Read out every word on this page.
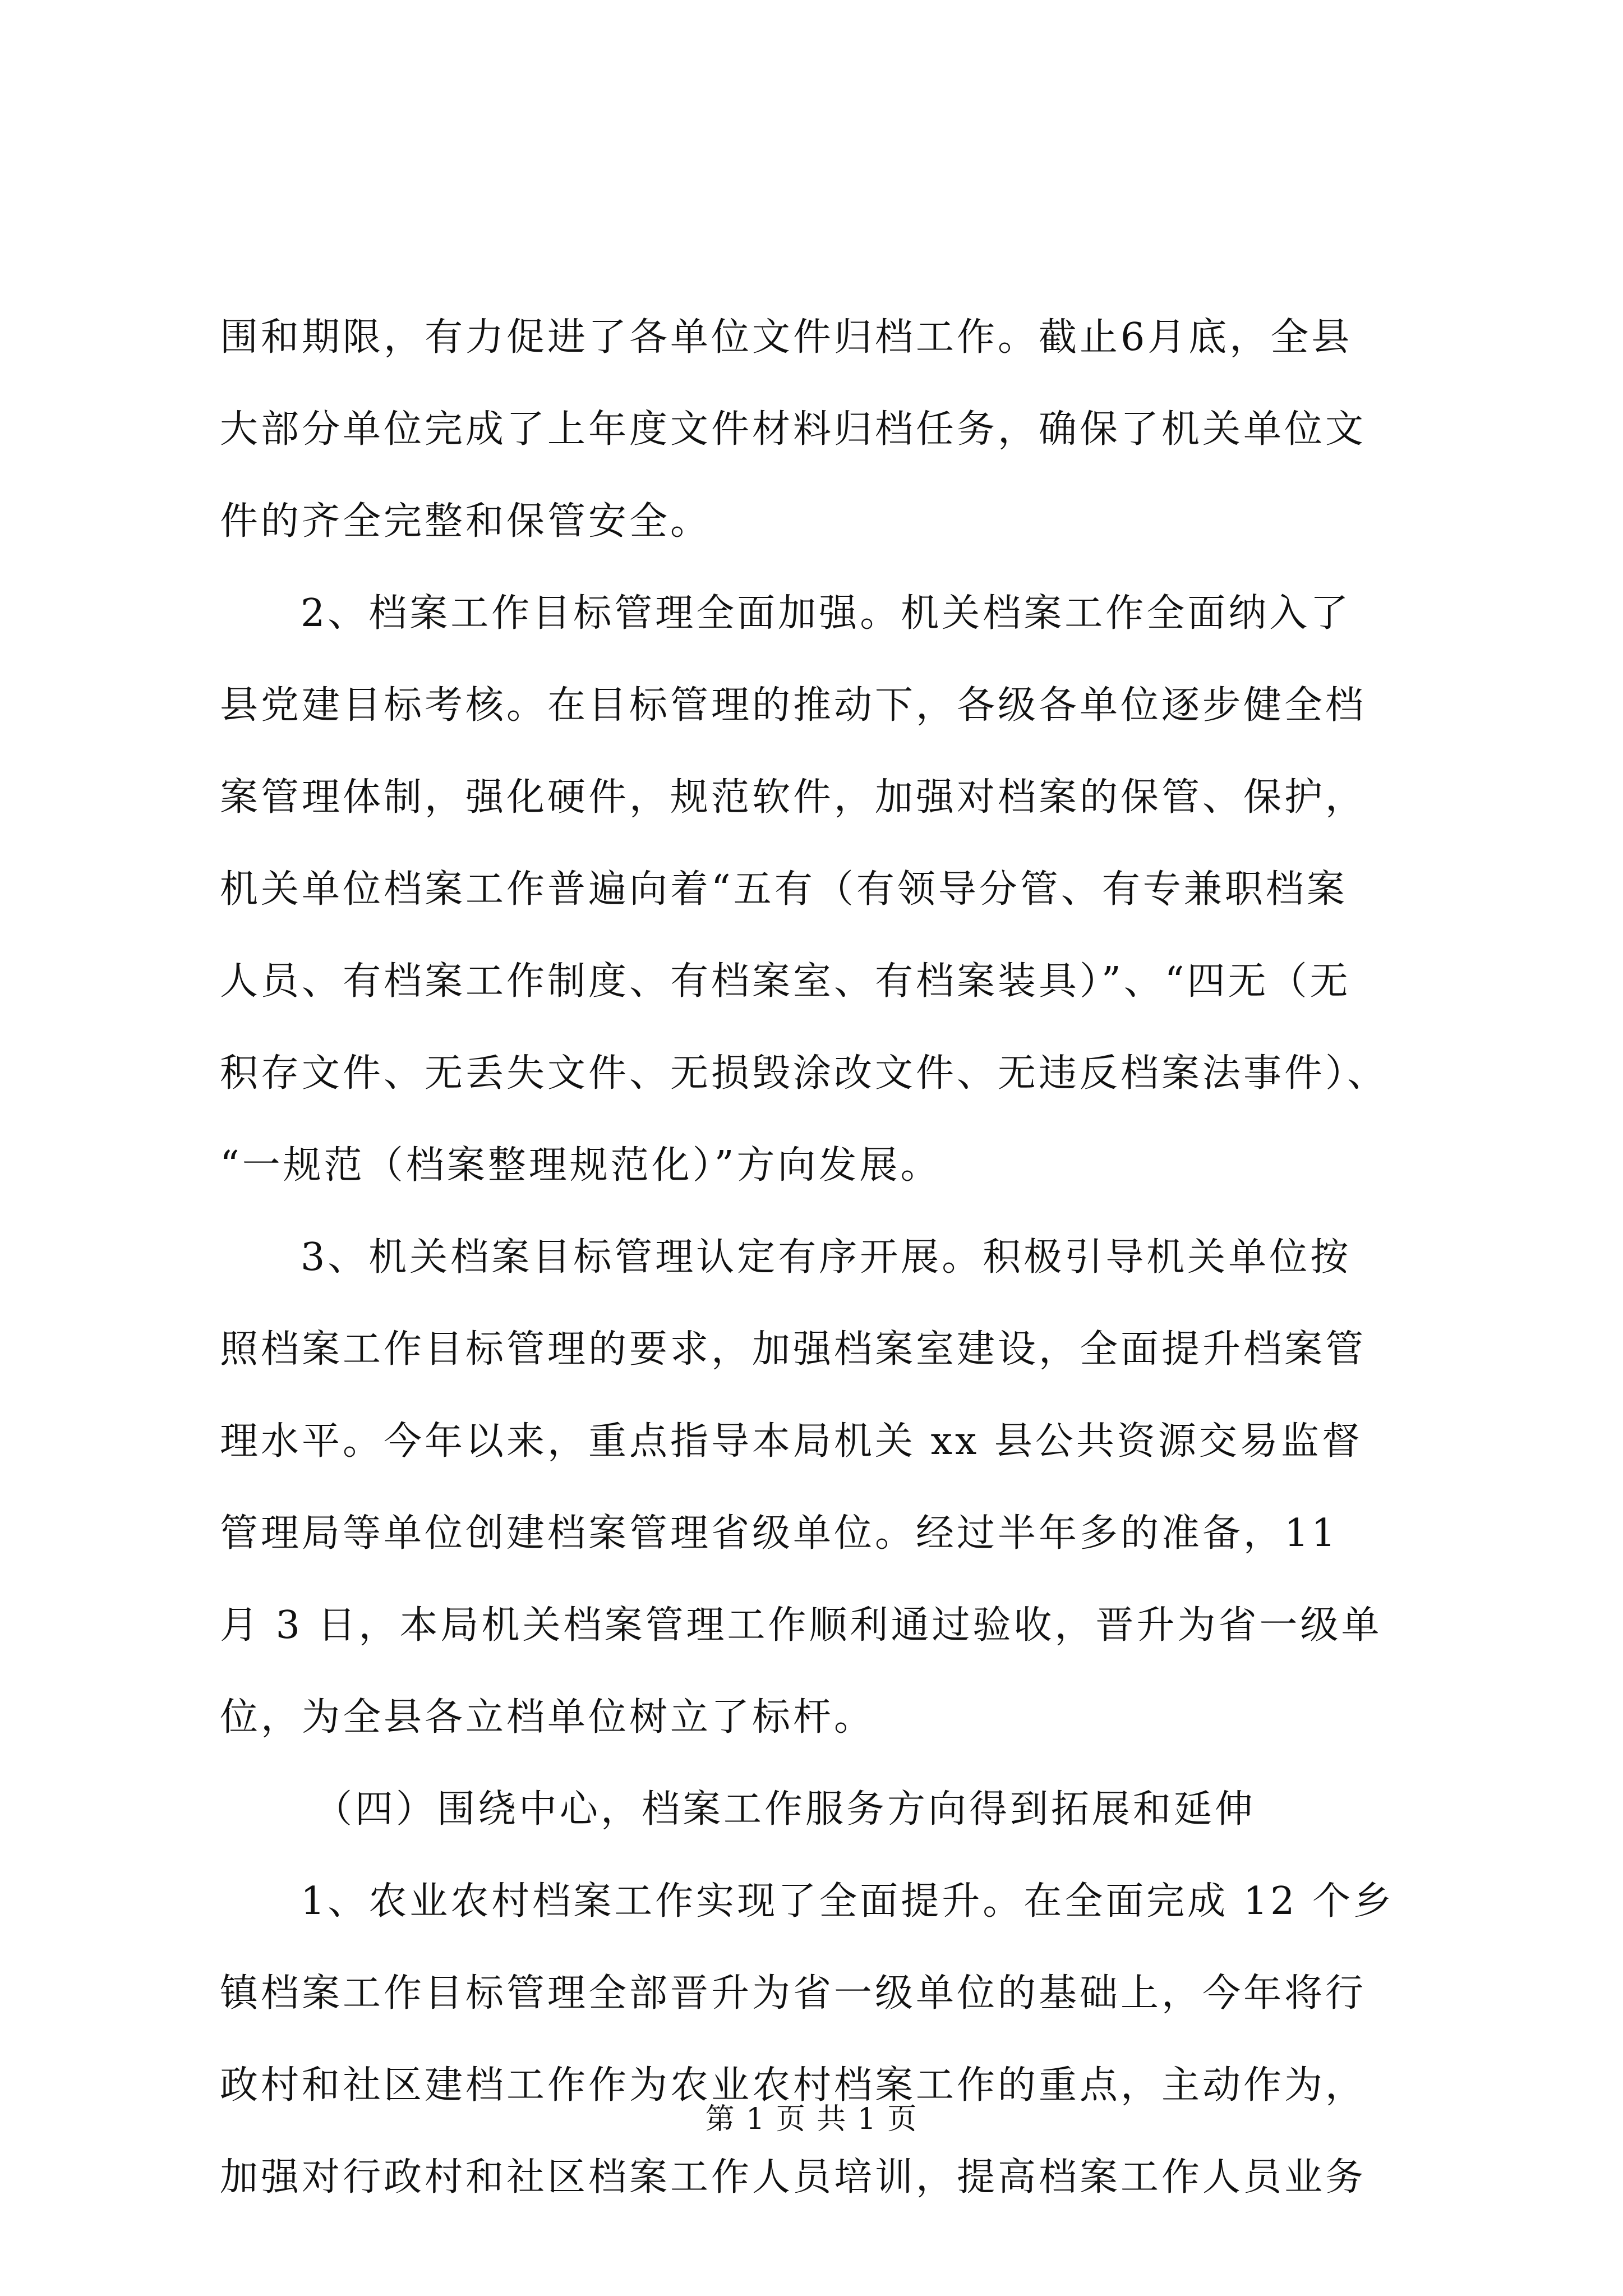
围和期限，有力促进了各单位文件归档工作。截止6月底，全县
大部分单位完成了上年度文件材料归档任务，确保了机关单位文
件的齐全完整和保管安全。
2、档案工作目标管理全面加强。机关档案工作全面纳入了
县党建目标考核。在目标管理的推动下，各级各单位逐步健全档
案管理体制，强化硬件，规范软件，加强对档案的保管、保护，
机关单位档案工作普遍向着“五有（有领导分管、有专兼职档案
人员、有档案工作制度、有档案室、有档案装具）”、“四无（无
积存文件、无丢失文件、无损毁涂改文件、无违反档案法事件）、
“一规范（档案整理规范化）”方向发展。
3、机关档案目标管理认定有序开展。积极引导机关单位按
照档案工作目标管理的要求，加强档案室建设，全面提升档案管
理水平。今年以来，重点指导本局机关 xx 县公共资源交易监督
管理局等单位创建档案管理省级单位。经过半年多的准备，11
月 3 日，本局机关档案管理工作顺利通过验收，晋升为省一级单
位，为全县各立档单位树立了标杆。
（四）围绕中心，档案工作服务方向得到拓展和延伸
1、农业农村档案工作实现了全面提升。在全面完成 12 个乡
镇档案工作目标管理全部晋升为省一级单位的基础上，今年将行
政村和社区建档工作作为农业农村档案工作的重点，主动作为，
加强对行政村和社区档案工作人员培训，提高档案工作人员业务
第 1 页 共 1 页
